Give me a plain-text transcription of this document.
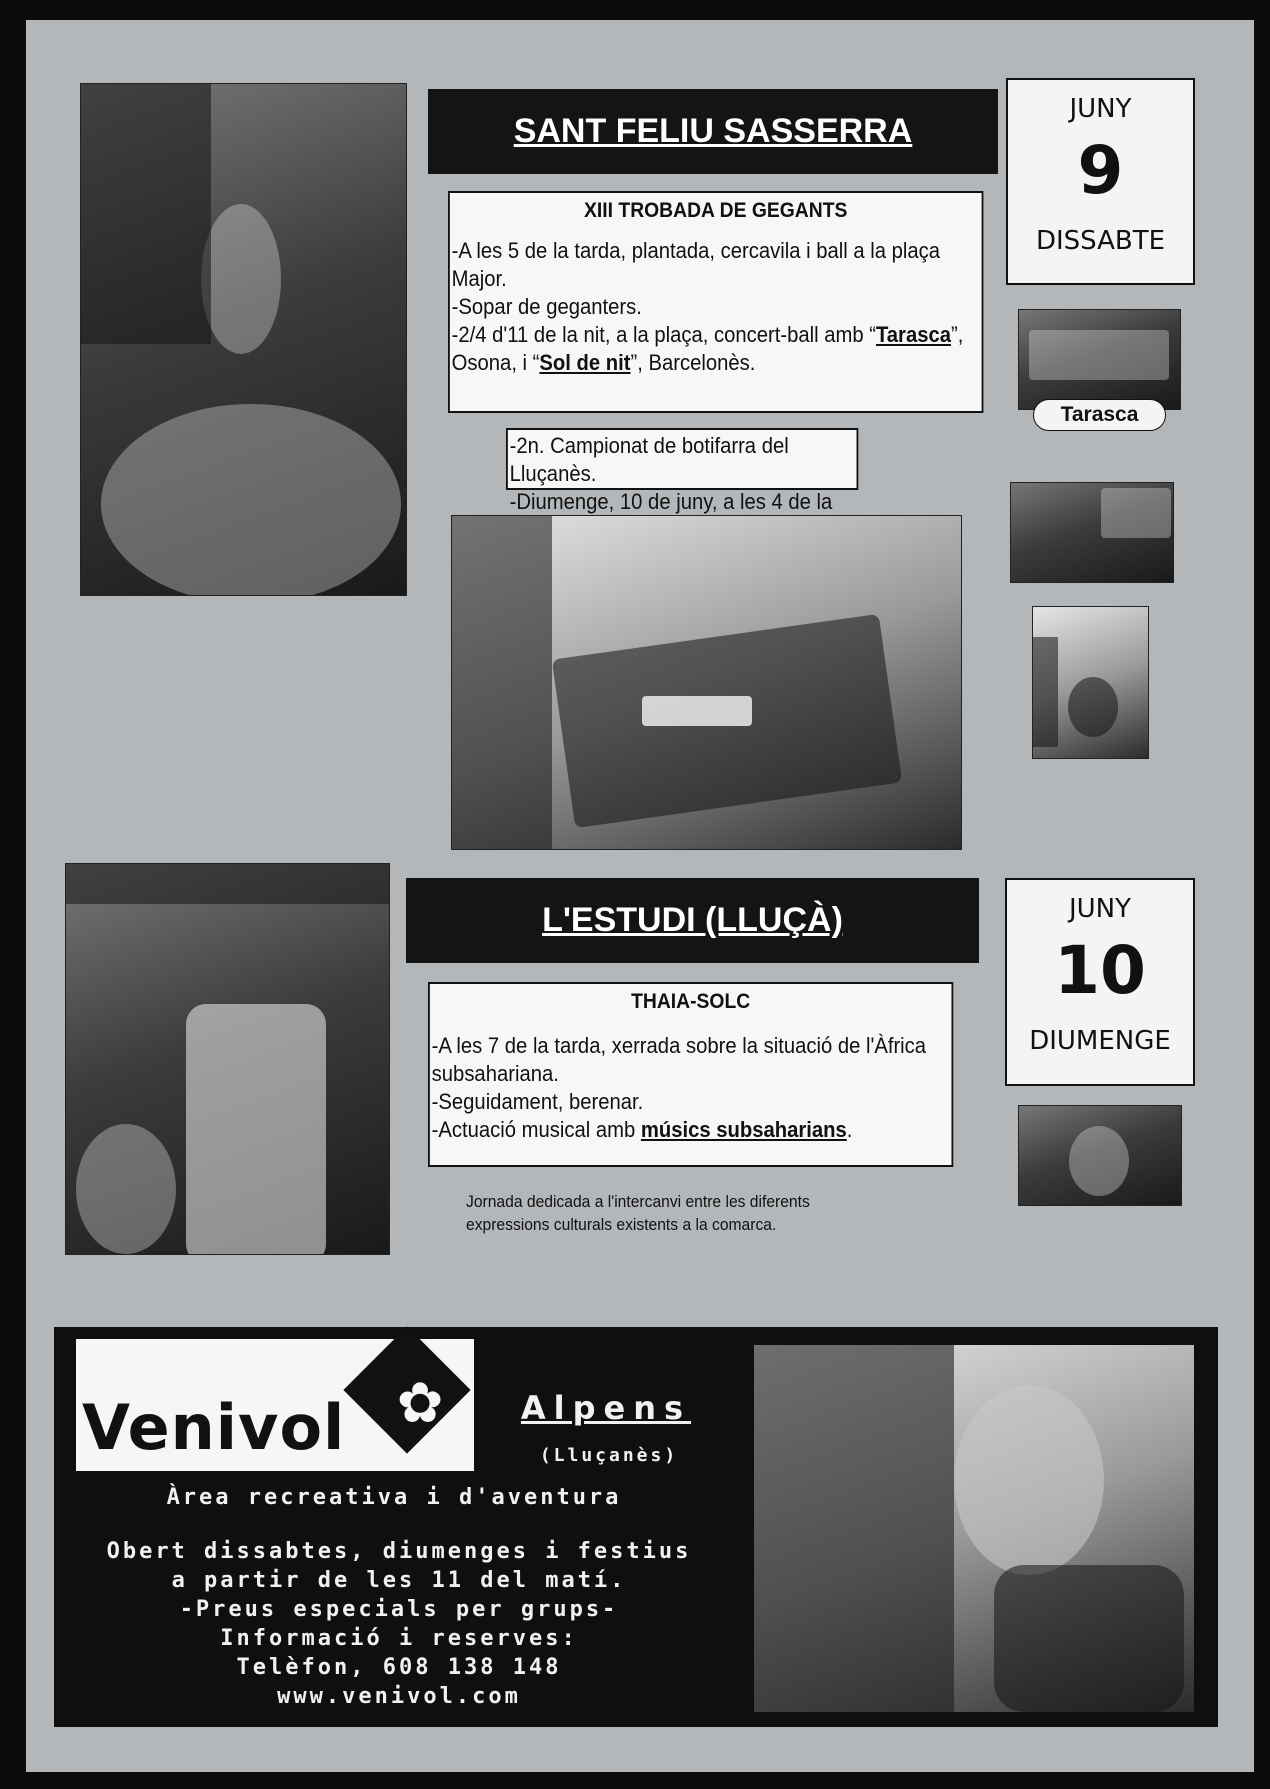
SANT FELIU SASSERRA
JUNY
9
DISSABTE
XIII TROBADA DE GEGANTS

-A les 5 de la tarda, plantada, cercavila i ball a la plaça Major.

-Sopar de geganters.

-2/4 d'11 de la nit, a la plaça, concert-ball amb “Tarasca”, Osona, i “Sol de nit”, Barcelonès.

-2n. Campionat de botifarra del Lluçanès.

-Diumenge, 10 de juny, a les 4 de la

Tarasca
L'ESTUDI (LLUÇÀ)	JUNY
10
DIUMENGE
THAIA-SOLC

-A les 7 de la tarda, xerrada sobre la situació de l'Àfrica subsahariana.

-Seguidament, berenar.

-Actuació musical amb músics subsaharians.

Jornada dedicada a l'intercanvi entre les diferents
expressions culturals existents a la comarca.
Venivol ✿	Alpens
(Lluçanès)
Àrea recreativa i d'aventura
Obert dissabtes, diumenges i festius
a partir de les 11 del matí.
-Preus especials per grups-
Informació i reserves:
Telèfon, 608 138 148
www.venivol.com
